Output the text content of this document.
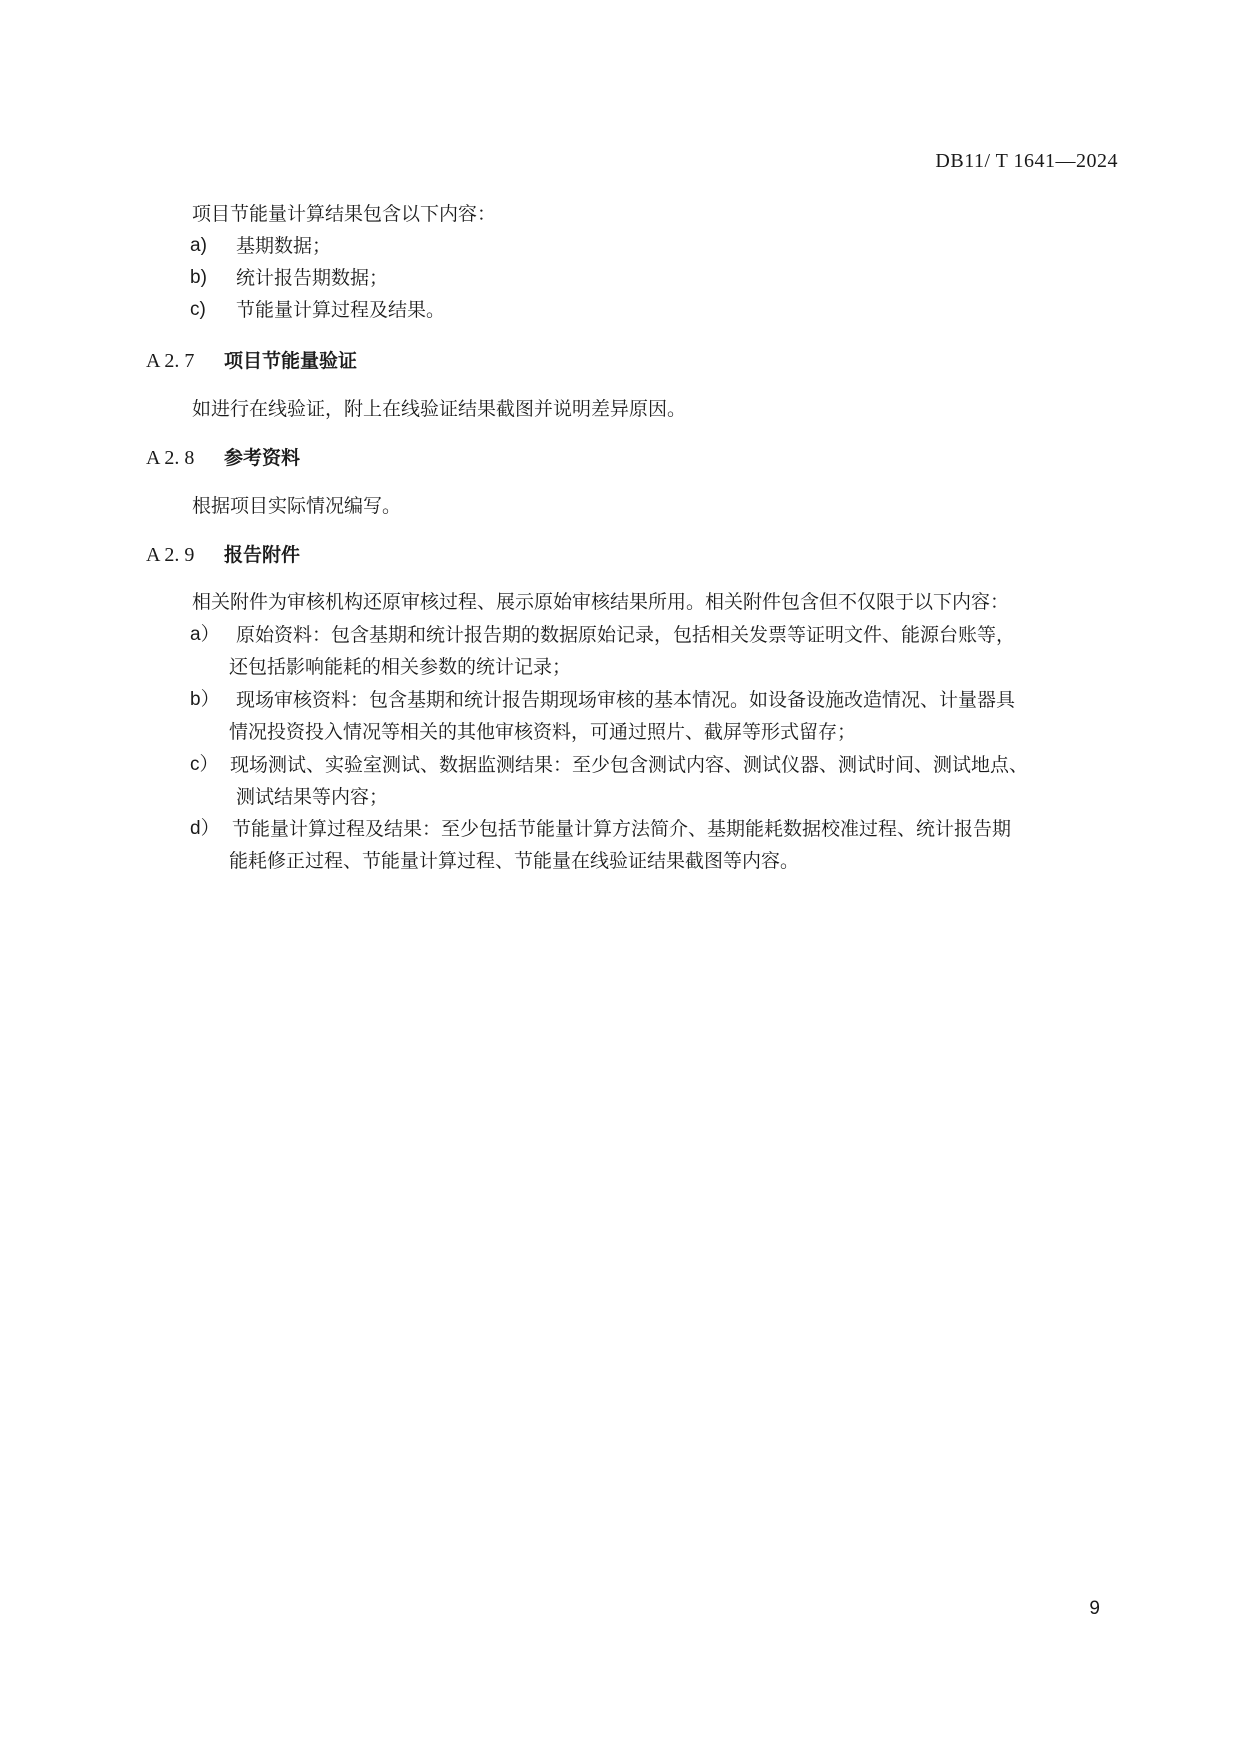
DB11/ T 1641—2024
项目节能量计算结果包含以下内容：
a) 基期数据；
b) 统计报告期数据；
c) 节能量计算过程及结果。
A 2. 7 项目节能量验证
如进行在线验证，附上在线验证结果截图并说明差异原因。
A 2. 8 参考资料
根据项目实际情况编写。
A 2. 9 报告附件
相关附件为审核机构还原审核过程、展示原始审核结果所用。相关附件包含但不仅限于以下内容：
a） 原始资料：包含基期和统计报告期的数据原始记录，包括相关发票等证明文件、能源台账等，
还包括影响能耗的相关参数的统计记录；
b） 现场审核资料：包含基期和统计报告期现场审核的基本情况。如设备设施改造情况、计量器具
情况投资投入情况等相关的其他审核资料，可通过照片、截屏等形式留存；
c） 现场测试、实验室测试、数据监测结果：至少包含测试内容、测试仪器、测试时间、测试地点、
测试结果等内容；
d） 节能量计算过程及结果：至少包括节能量计算方法简介、基期能耗数据校准过程、统计报告期
能耗修正过程、节能量计算过程、节能量在线验证结果截图等内容。
9
